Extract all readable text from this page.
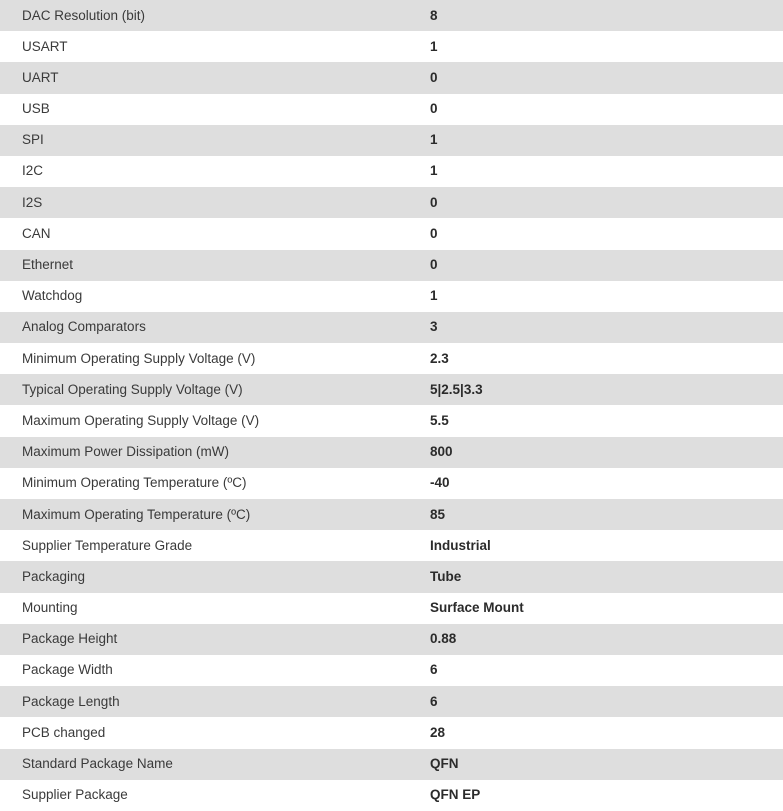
DAC Resolution (bit)	8
USART	1
UART	0
USB	0
SPI	1
I2C	1
I2S	0
CAN	0
Ethernet	0
Watchdog	1
Analog Comparators	3
Minimum Operating Supply Voltage (V)	2.3
Typical Operating Supply Voltage (V)	5|2.5|3.3
Maximum Operating Supply Voltage (V)	5.5
Maximum Power Dissipation (mW)	800
Minimum Operating Temperature (ºC)	-40
Maximum Operating Temperature (ºC)	85
Supplier Temperature Grade	Industrial
Packaging	Tube
Mounting	Surface Mount
Package Height	0.88
Package Width	6
Package Length	6
PCB changed	28
Standard Package Name	QFN
Supplier Package	QFN EP
